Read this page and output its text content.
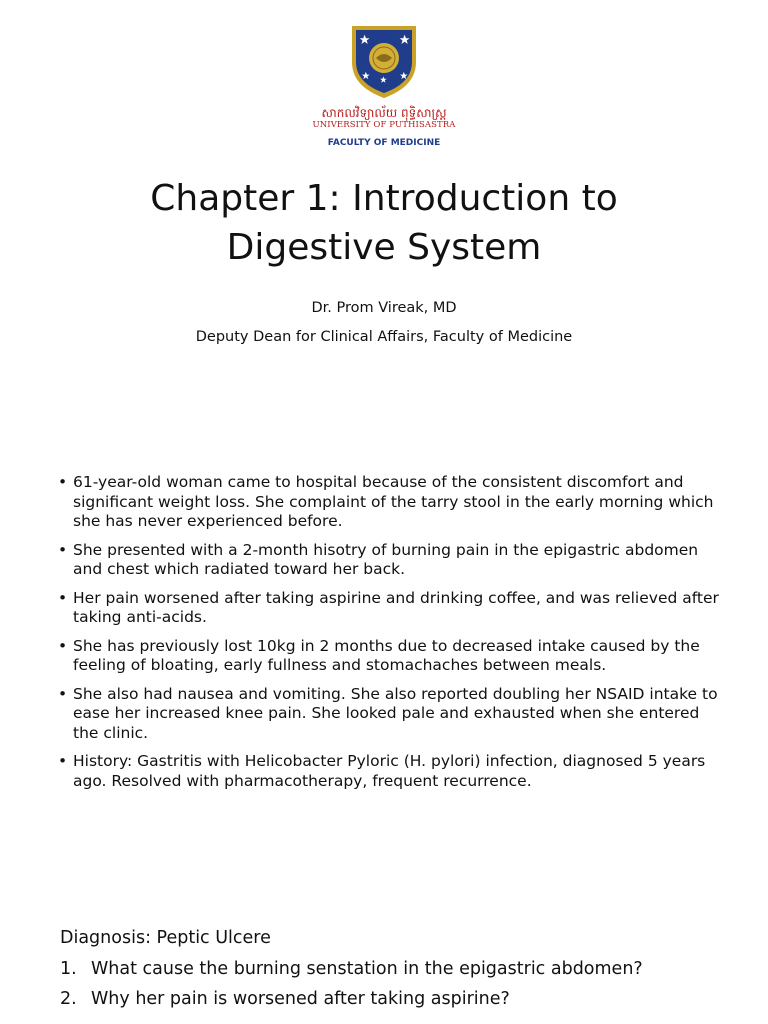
សាកលវិទ្យាល័យ ពុទ្ធិសាស្ត្រ
UNIVERSITY OF PUTHISASTRA
FACULTY OF MEDICINE
Chapter 1: Introduction to
Digestive System
Dr. Prom Vireak, MD
Deputy Dean for Clinical Affairs, Faculty of Medicine
• 61-year-old woman came to hospital because of the consistent discomfort and significant weight loss. She complaint of the tarry stool in the early morning which she has never experienced before.
• She presented with a 2-month hisotry of burning pain in the epigastric abdomen and chest which radiated toward her back.
• Her pain worsened after taking aspirine and drinking coffee, and was relieved after taking anti-acids.
• She has previously lost 10kg in 2 months due to decreased intake caused by the feeling of bloating, early fullness and stomachaches between meals.
• She also had nausea and vomiting. She also reported doubling her NSAID intake to ease her increased knee pain. She looked pale and exhausted when she entered the clinic.
• History: Gastritis with Helicobacter Pyloric (H. pylori) infection, diagnosed 5 years ago. Resolved with pharmacotherapy, frequent recurrence.
Diagnosis: Peptic Ulcere
1. What cause the burning senstation in the epigastric abdomen?
2. Why her pain is worsened after taking aspirine?
